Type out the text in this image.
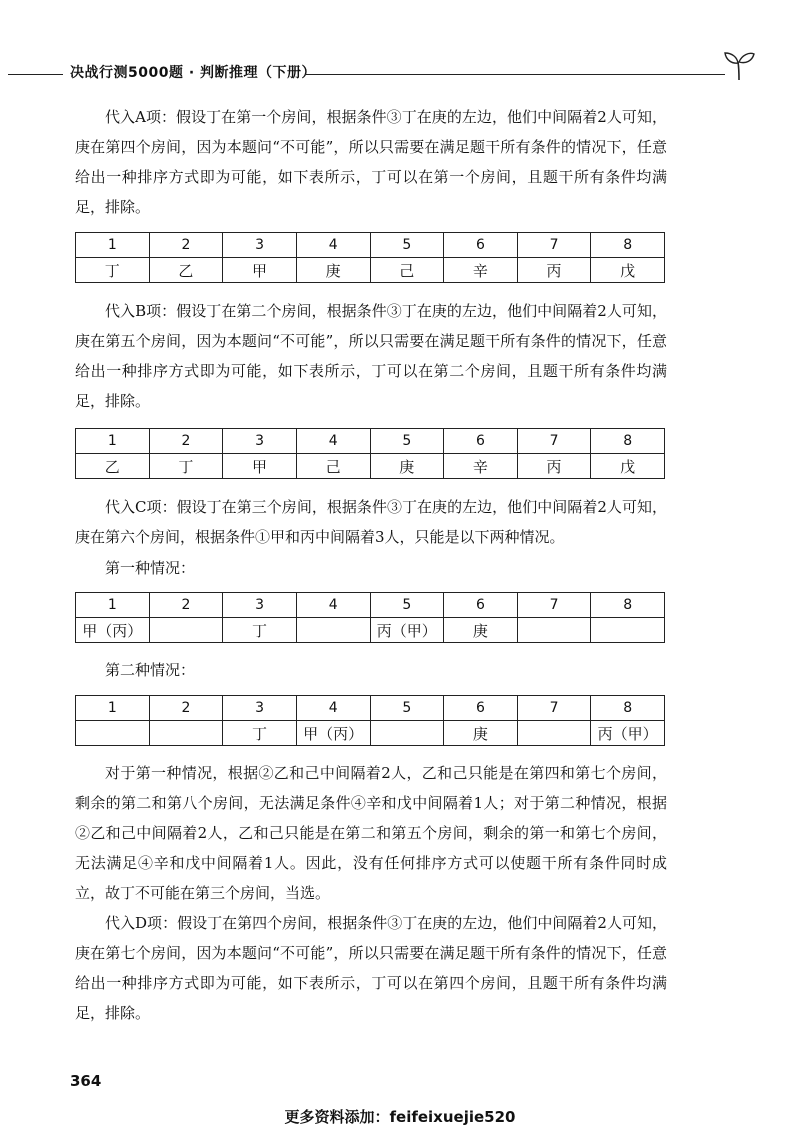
决战行测5000题 · 判断推理（下册）

代入A项：假设丁在第一个房间，根据条件③丁在庚的左边，他们中间隔着2人可知，庚在第四个房间，因为本题问“不可能”，所以只需要在满足题干所有条件的情况下，任意给出一种排序方式即为可能，如下表所示，丁可以在第一个房间，且题干所有条件均满足，排除。

1	2	3	4	5	6	7	8
丁	乙	甲	庚	己	辛	丙	戊

代入B项：假设丁在第二个房间，根据条件③丁在庚的左边，他们中间隔着2人可知，庚在第五个房间，因为本题问“不可能”，所以只需要在满足题干所有条件的情况下，任意给出一种排序方式即为可能，如下表所示，丁可以在第二个房间，且题干所有条件均满足，排除。

1	2	3	4	5	6	7	8
乙	丁	甲	己	庚	辛	丙	戊

代入C项：假设丁在第三个房间，根据条件③丁在庚的左边，他们中间隔着2人可知，庚在第六个房间，根据条件①甲和丙中间隔着3人，只能是以下两种情况。

第一种情况：

1	2	3	4	5	6	7	8
甲（丙）		丁		丙（甲）	庚		

第二种情况：

1	2	3	4	5	6	7	8
		丁	甲（丙）		庚		丙（甲）

对于第一种情况，根据②乙和己中间隔着2人，乙和己只能是在第四和第七个房间，剩余的第二和第八个房间，无法满足条件④辛和戊中间隔着1人；对于第二种情况，根据②乙和己中间隔着2人，乙和己只能是在第二和第五个房间，剩余的第一和第七个房间，无法满足④辛和戊中间隔着1人。因此，没有任何排序方式可以使题干所有条件同时成立，故丁不可能在第三个房间，当选。

代入D项：假设丁在第四个房间，根据条件③丁在庚的左边，他们中间隔着2人可知，庚在第七个房间，因为本题问“不可能”，所以只需要在满足题干所有条件的情况下，任意给出一种排序方式即为可能，如下表所示，丁可以在第四个房间，且题干所有条件均满足，排除。

364
更多资料添加：feifeixuejie520
